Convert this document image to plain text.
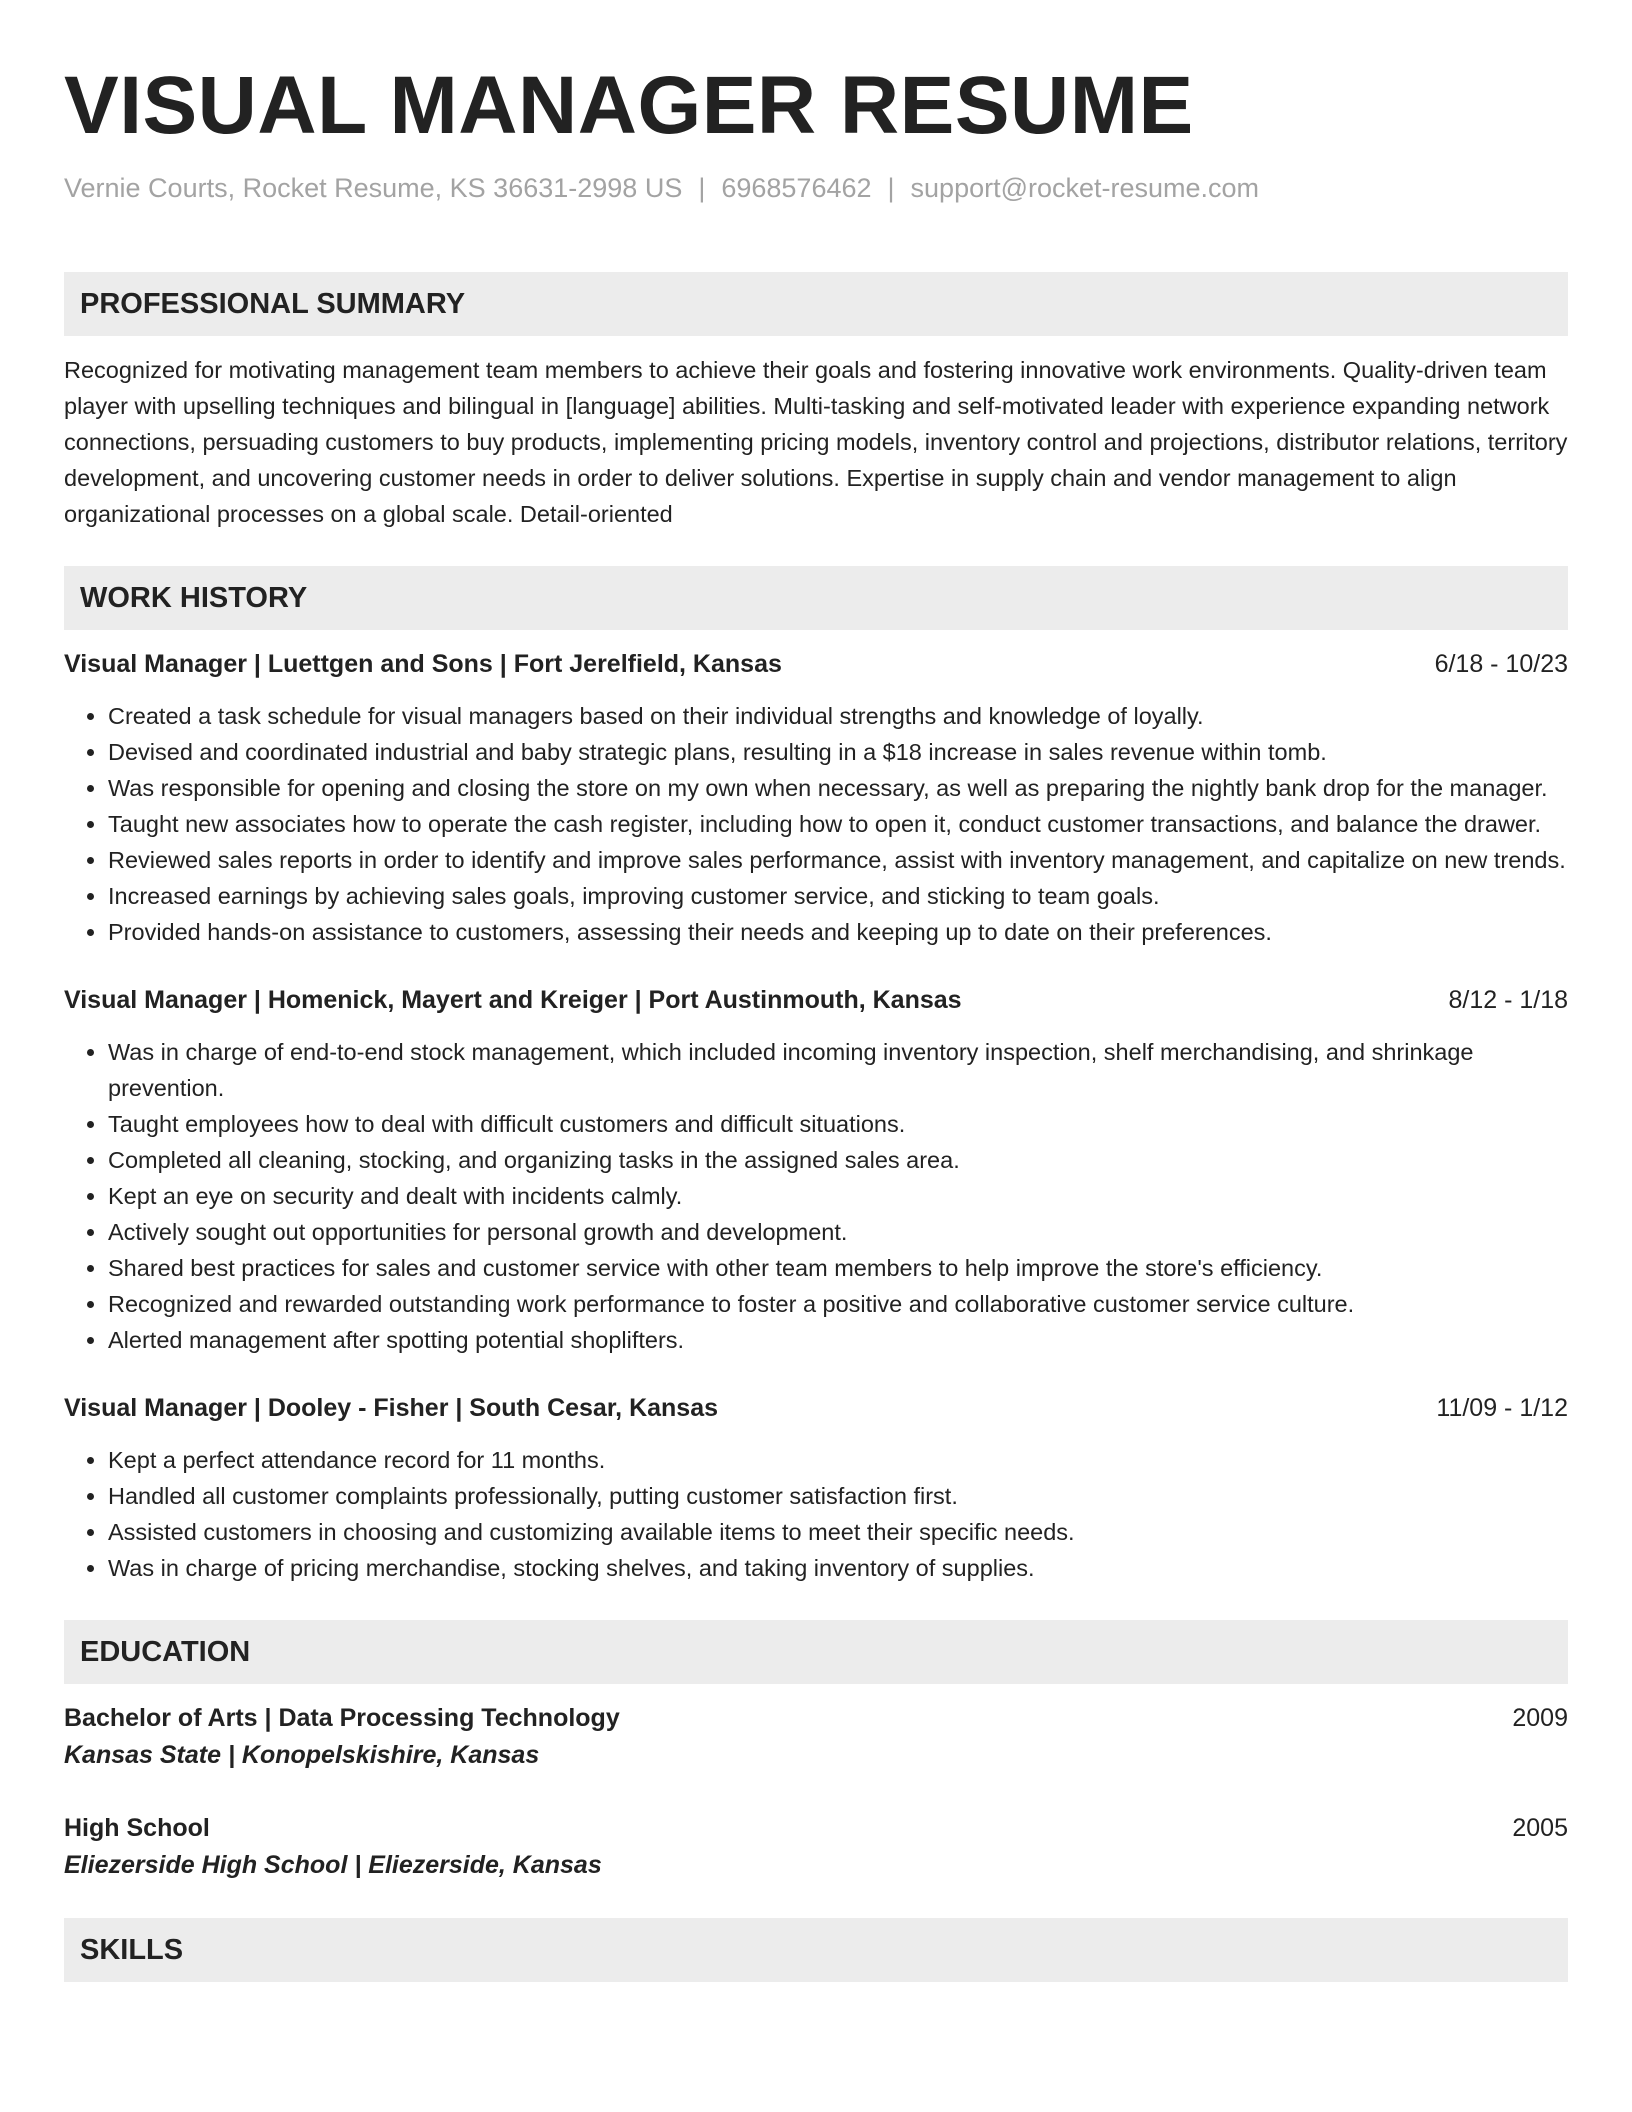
VISUAL MANAGER RESUME
Vernie Courts, Rocket Resume, KS 36631-2998 US | 6968576462 | support@rocket-resume.com
PROFESSIONAL SUMMARY
Recognized for motivating management team members to achieve their goals and fostering innovative work environments. Quality-driven team player with upselling techniques and bilingual in [language] abilities. Multi-tasking and self-motivated leader with experience expanding network connections, persuading customers to buy products, implementing pricing models, inventory control and projections, distributor relations, territory development, and uncovering customer needs in order to deliver solutions. Expertise in supply chain and vendor management to align organizational processes on a global scale. Detail-oriented
WORK HISTORY
Visual Manager | Luettgen and Sons | Fort Jerelfield, Kansas	6/18 - 10/23
• Created a task schedule for visual managers based on their individual strengths and knowledge of loyally.
• Devised and coordinated industrial and baby strategic plans, resulting in a $18 increase in sales revenue within tomb.
• Was responsible for opening and closing the store on my own when necessary, as well as preparing the nightly bank drop for the manager.
• Taught new associates how to operate the cash register, including how to open it, conduct customer transactions, and balance the drawer.
• Reviewed sales reports in order to identify and improve sales performance, assist with inventory management, and capitalize on new trends.
• Increased earnings by achieving sales goals, improving customer service, and sticking to team goals.
• Provided hands-on assistance to customers, assessing their needs and keeping up to date on their preferences.
Visual Manager | Homenick, Mayert and Kreiger | Port Austinmouth, Kansas	8/12 - 1/18
• Was in charge of end-to-end stock management, which included incoming inventory inspection, shelf merchandising, and shrinkage prevention.
• Taught employees how to deal with difficult customers and difficult situations.
• Completed all cleaning, stocking, and organizing tasks in the assigned sales area.
• Kept an eye on security and dealt with incidents calmly.
• Actively sought out opportunities for personal growth and development.
• Shared best practices for sales and customer service with other team members to help improve the store's efficiency.
• Recognized and rewarded outstanding work performance to foster a positive and collaborative customer service culture.
• Alerted management after spotting potential shoplifters.
Visual Manager | Dooley - Fisher | South Cesar, Kansas	11/09 - 1/12
• Kept a perfect attendance record for 11 months.
• Handled all customer complaints professionally, putting customer satisfaction first.
• Assisted customers in choosing and customizing available items to meet their specific needs.
• Was in charge of pricing merchandise, stocking shelves, and taking inventory of supplies.
EDUCATION
Bachelor of Arts | Data Processing Technology	2009
Kansas State | Konopelskishire, Kansas
High School	2005
Eliezerside High School | Eliezerside, Kansas
SKILLS
